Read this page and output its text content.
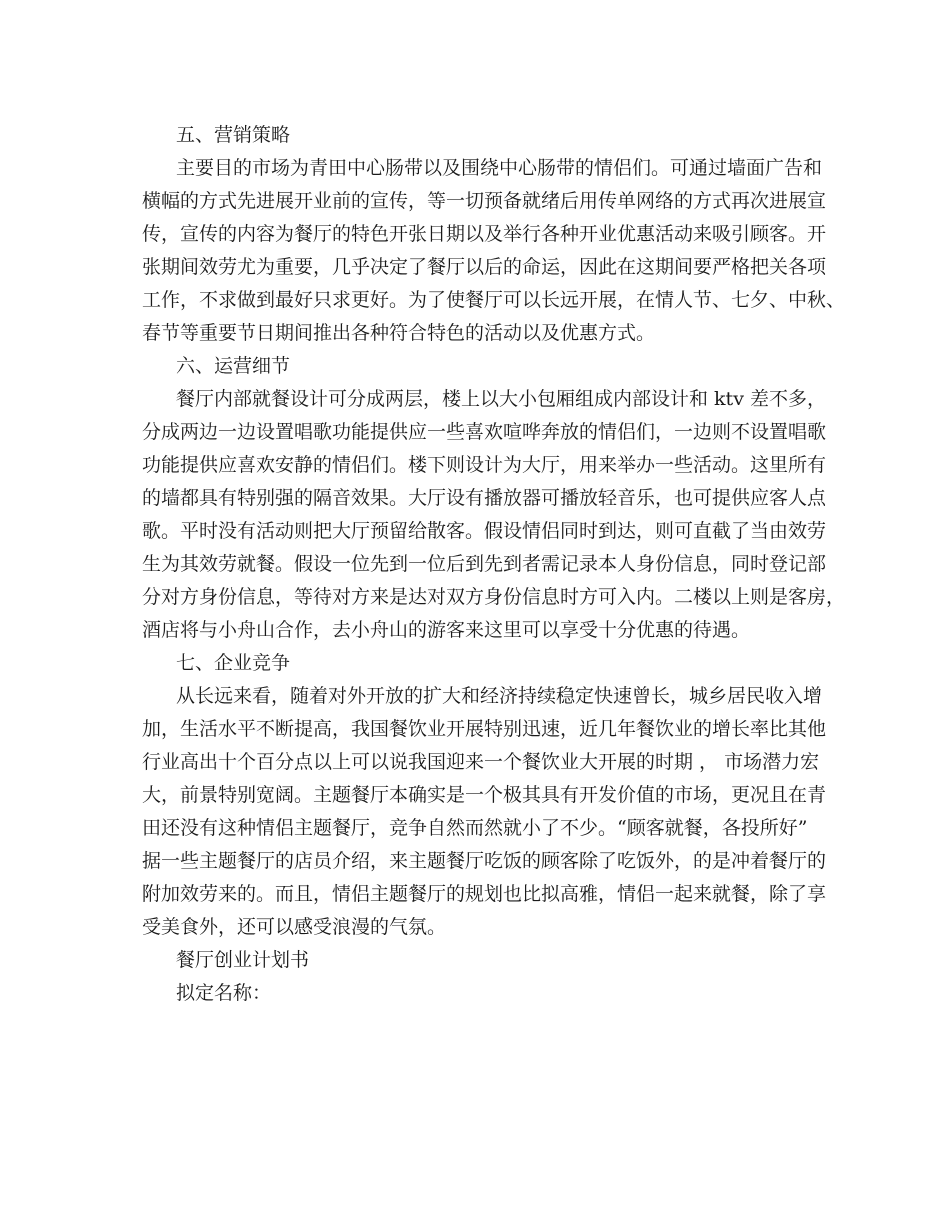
五、营销策略
主要目的市场为青田中心肠带以及围绕中心肠带的情侣们。可通过墙面广告和
横幅的方式先进展开业前的宣传，等一切预备就绪后用传单网络的方式再次进展宣
传，宣传的内容为餐厅的特色开张日期以及举行各种开业优惠活动来吸引顾客。开
张期间效劳尤为重要，几乎决定了餐厅以后的命运，因此在这期间要严格把关各项
工作，不求做到最好只求更好。为了使餐厅可以长远开展，在情人节、七夕、中秋、
春节等重要节日期间推出各种符合特色的活动以及优惠方式。
六、运营细节
餐厅内部就餐设计可分成两层，楼上以大小包厢组成内部设计和 ktv 差不多，
分成两边一边设置唱歌功能提供应一些喜欢喧哗奔放的情侣们，一边则不设置唱歌
功能提供应喜欢安静的情侣们。楼下则设计为大厅，用来举办一些活动。这里所有
的墙都具有特别强的隔音效果。大厅设有播放器可播放轻音乐，也可提供应客人点
歌。平时没有活动则把大厅预留给散客。假设情侣同时到达，则可直截了当由效劳
生为其效劳就餐。假设一位先到一位后到先到者需记录本人身份信息，同时登记部
分对方身份信息，等待对方来是达对双方身份信息时方可入内。二楼以上则是客房，
酒店将与小舟山合作，去小舟山的游客来这里可以享受十分优惠的待遇。
七、企业竞争
从长远来看，随着对外开放的扩大和经济持续稳定快速曾长，城乡居民收入增
加，生活水平不断提高，我国餐饮业开展特别迅速，近几年餐饮业的增长率比其他
行业高出十个百分点以上可以说我国迎来一个餐饮业大开展的时期 ， 市场潜力宏
大，前景特别宽阔。主题餐厅本确实是一个极其具有开发价值的市场，更况且在青
田还没有这种情侣主题餐厅，竞争自然而然就小了不少。“顾客就餐，各投所好”
据一些主题餐厅的店员介绍，来主题餐厅吃饭的顾客除了吃饭外，的是冲着餐厅的
附加效劳来的。而且，情侣主题餐厅的规划也比拟高雅，情侣一起来就餐，除了享
受美食外，还可以感受浪漫的气氛。
餐厅创业计划书
拟定名称：
